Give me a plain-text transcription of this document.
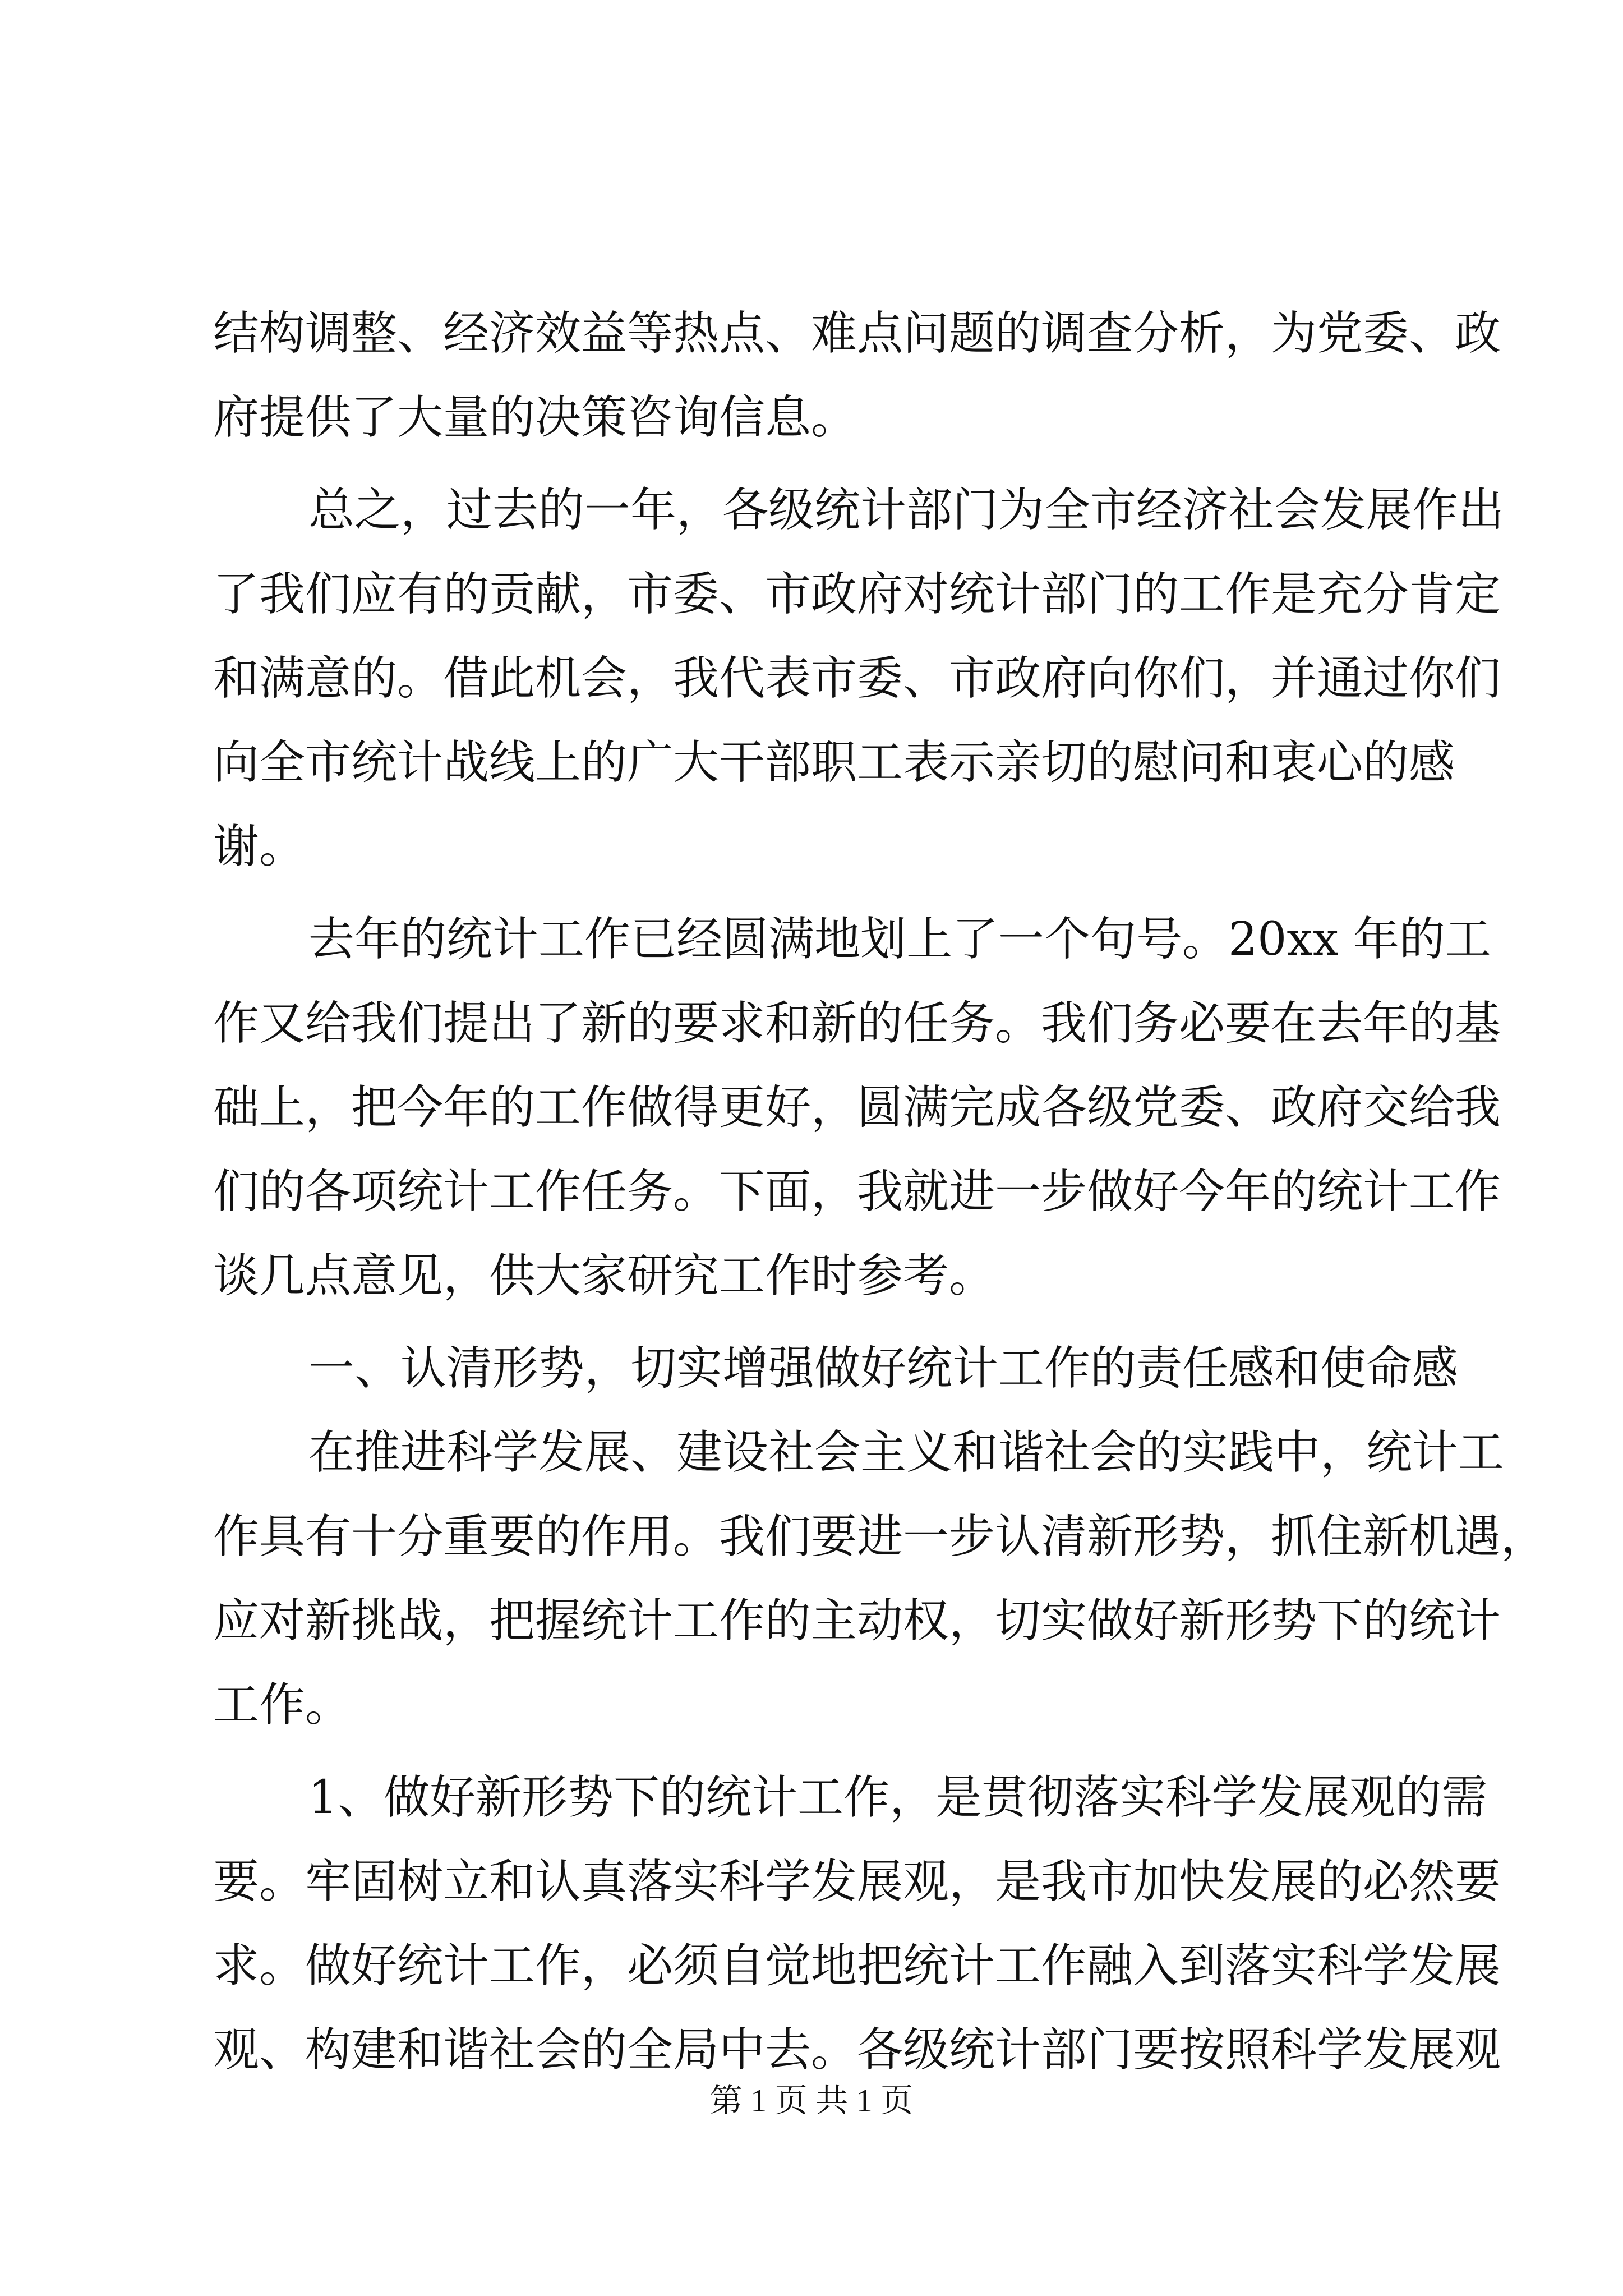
结构调整、经济效益等热点、难点问题的调查分析，为党委、政
府提供了大量的决策咨询信息。
总之，过去的一年，各级统计部门为全市经济社会发展作出
了我们应有的贡献，市委、市政府对统计部门的工作是充分肯定
和满意的。借此机会，我代表市委、市政府向你们，并通过你们
向全市统计战线上的广大干部职工表示亲切的慰问和衷心的感
谢。
去年的统计工作已经圆满地划上了一个句号。20xx 年的工
作又给我们提出了新的要求和新的任务。我们务必要在去年的基
础上，把今年的工作做得更好，圆满完成各级党委、政府交给我
们的各项统计工作任务。下面，我就进一步做好今年的统计工作
谈几点意见，供大家研究工作时参考。
一、认清形势，切实增强做好统计工作的责任感和使命感
在推进科学发展、建设社会主义和谐社会的实践中，统计工
作具有十分重要的作用。我们要进一步认清新形势，抓住新机遇，
应对新挑战，把握统计工作的主动权，切实做好新形势下的统计
工作。
1、做好新形势下的统计工作，是贯彻落实科学发展观的需
要。牢固树立和认真落实科学发展观，是我市加快发展的必然要
求。做好统计工作，必须自觉地把统计工作融入到落实科学发展
观、构建和谐社会的全局中去。各级统计部门要按照科学发展观
第 1 页 共 1 页
